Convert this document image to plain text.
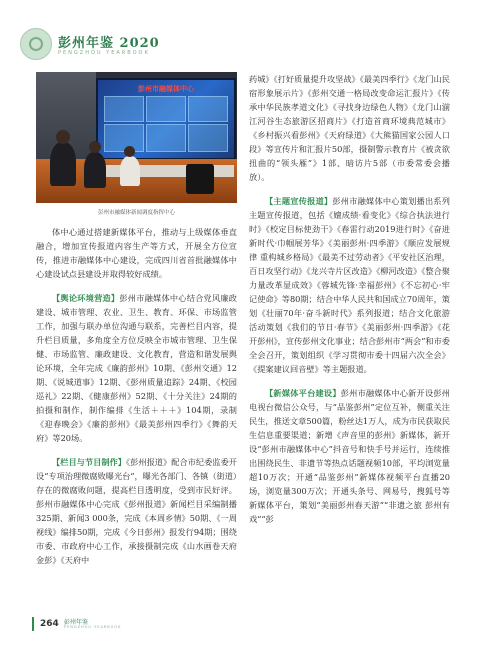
彭州年鉴 2020
PENGZHOU YEARBOOK
彭州市融媒体中心
彭州市融媒体新闻调度指挥中心

体中心通过搭建新媒体平台，推动与上级媒体垂直融合，增加宣传报道内容生产等方式，开展全方位宣传，推进市融媒体中心建设，完成四川省首批融媒体中心建设试点县建设并取得较好成绩。

【舆论环境营造】彭州市融媒体中心结合党风廉政建设、城市管理、农业、卫生、教育、环保、市场监管工作，加强与联办单位沟通与联系，完善栏目内容，提升栏目质量，多角度全方位反映全市城市管理、卫生保健、市场监管、廉政建设、文化教育，营造和谐发展舆论环境，全年完成《廉韵彭州》10期、《彭州交通》12期、《说城道事》12期、《彭州质量追踪》24期、《校园巡礼》22期、《健康彭州》52期、《十分关注》24期的拍摄和制作，制作编排《生活＋＋＋》104期，录制《迎春晚会》《廉韵彭州》《最美彭州四季行》《舞韵天府》等20场。

【栏目与节目制作】《彭州报道》配合市纪委监委开设“专项治理微腐败曝光台”，曝光各部门、各镇（街道）存在的微腐败问题，提高栏目透明度，受到市民好评。彭州市融媒体中心完成《彭州报道》新闻栏目采编制播325期、新闻3 000条，完成《本周乡情》50期、《一周视线》编排50期，完成《今日彭州》报发行94期；围绕市委、市政府中心工作，承接摄制完成《山水画卷天府金彭》《天府中

药城》《打好质量提升攻坚战》《最美四季行》《龙门山民宿形象展示片》《彭州交通一格局改变命运汇报片》《传承中华民族孝道文化》《寻找身边绿色人物》《龙门山湔江河谷生态旅游区招商片》《打造首商环境典范城市》《乡村振兴看彭州》《天府绿道》《大熊猫国家公园人口段》等宣传片和汇报片50部，摄制警示教育片《被贪欲扭曲的“领头雁”》1部、暗访片5部（市委常委会播放）。

【主题宣传报道】彭州市融媒体中心策划播出系列主题宣传报道，包括《嬗成绩·看变化》《综合执法进行时》《校定目标使劲干》《春雷行动2019进行时》《奋进新时代·巾帼展芳华》《美丽彭州·四季游》《顺应发展规律 重构城乡格局》《最美不过劳动者》《平安社区治理，百日攻坚行动》《龙兴寺片区改造》《柳河改造》《整合聚力量改革显成效》《蓉城先锋·幸福彭州》《不忘初心·牢记使命》等80期；结合中华人民共和国成立70周年，策划《壮丽70年·奋斗新时代》系列报道；结合文化旅游活动策划《我们的节日·春节》《美丽彭州·四季游》《花开彭州》，宣传彭州文化事业；结合彭州市“两会”和市委全会召开，策划组织《学习贯彻市委十四届六次全会》《提案建议回音壁》等主题报道。

【新媒体平台建设】彭州市融媒体中心新开设彭州电视台微信公众号，与“品鉴彭州”定位互补，侧重关注民生，推送文章500篇，粉丝达1万人，成为市民获取民生信息重要渠道；新增《声音里的彭州》新媒体，新开设“彭州市融媒体中心”抖音号和快手号并运行，连续推出围绕民生、非遗节等热点话题视频10部，平均浏览量超10万次；开通“品鉴彭州”新媒体视频平台直播20场，浏览量300万次；开通头条号、网易号，搜狐号等新媒体平台，策划“美丽彭州春天游”“非遗之旅 彭州有戏”“彭

264 彭州年鉴
PENGZHOU YEARBOOK
